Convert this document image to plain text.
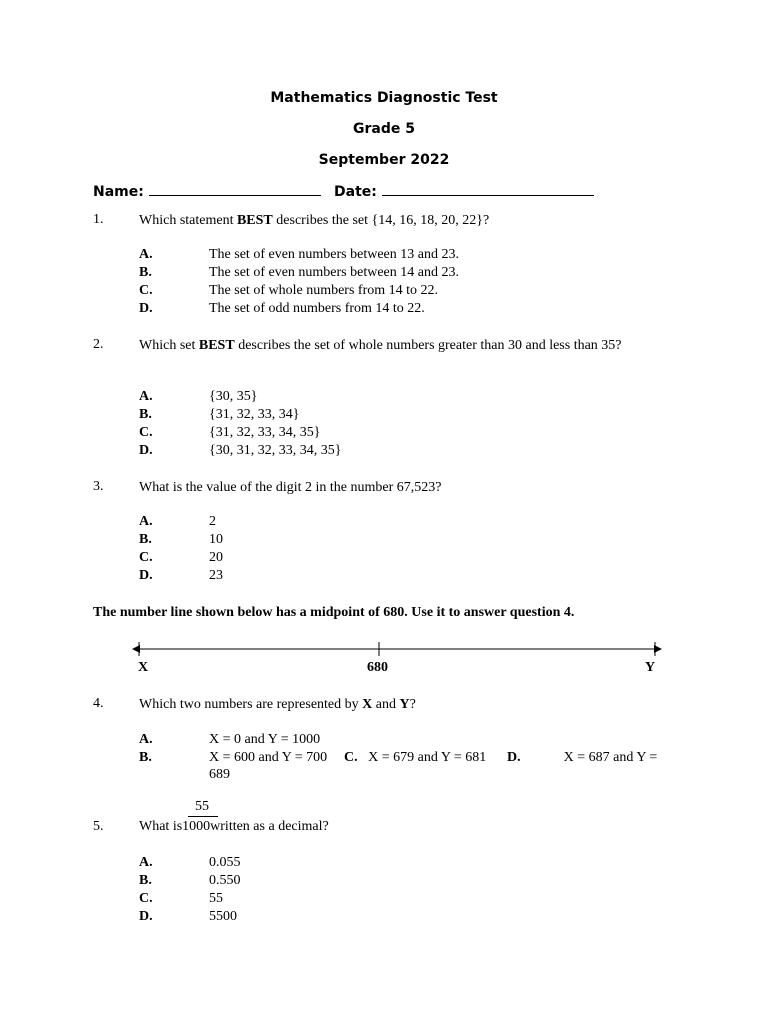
Mathematics Diagnostic Test
Grade 5
September 2022
Name:	Date:
1.	Which statement BEST describes the set {14, 16, 18, 20, 22}?
A.	The set of even numbers between 13 and 23.
B.	The set of even numbers between 14 and 23.
C.	The set of whole numbers from 14 to 22.
D.	The set of odd numbers from 14 to 22.
2.	Which set BEST describes the set of whole numbers greater than 30 and less than 35?
A.	{30, 35}
B.	{31, 32, 33, 34}
C.	{31, 32, 33, 34, 35}
D.	{30, 31, 32, 33, 34, 35}
3.	What is the value of the digit 2 in the number 67,523?
A.	2
B.	10
C.	20
D.	23
The number line shown below has a midpoint of 680. Use it to answer question 4.
X	680	Y
4.	Which two numbers are represented by X and Y?
A.	X = 0 and Y = 1000
B.	X = 600 and Y = 700 C. X = 679 and Y = 681 D.	X = 687 and Y =
689
55
5.	What is1000written as a decimal?
A.	0.055
B.	0.550
C.	55
D.	5500
